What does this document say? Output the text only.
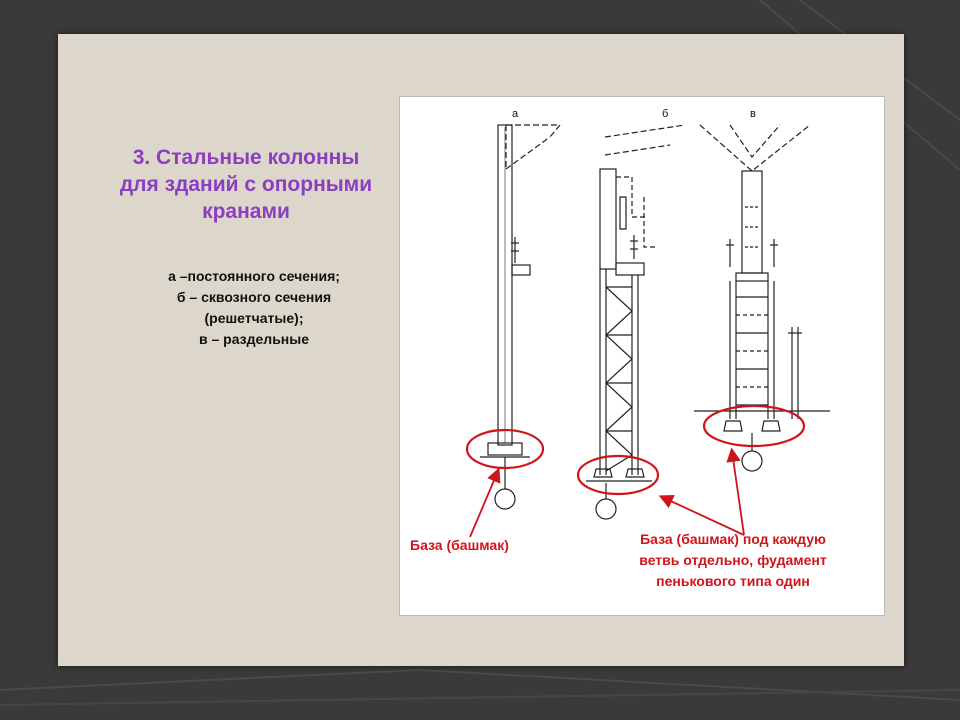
3. Стальные колонны
для зданий с опорными
кранами
а –постоянного сечения;
б – сквозного сечения
(решетчатые);
в – раздельные
а	б	в
База (башмак)	База (башмак) под каждую
ветвь отдельно, фудамент
пенькового типа один
